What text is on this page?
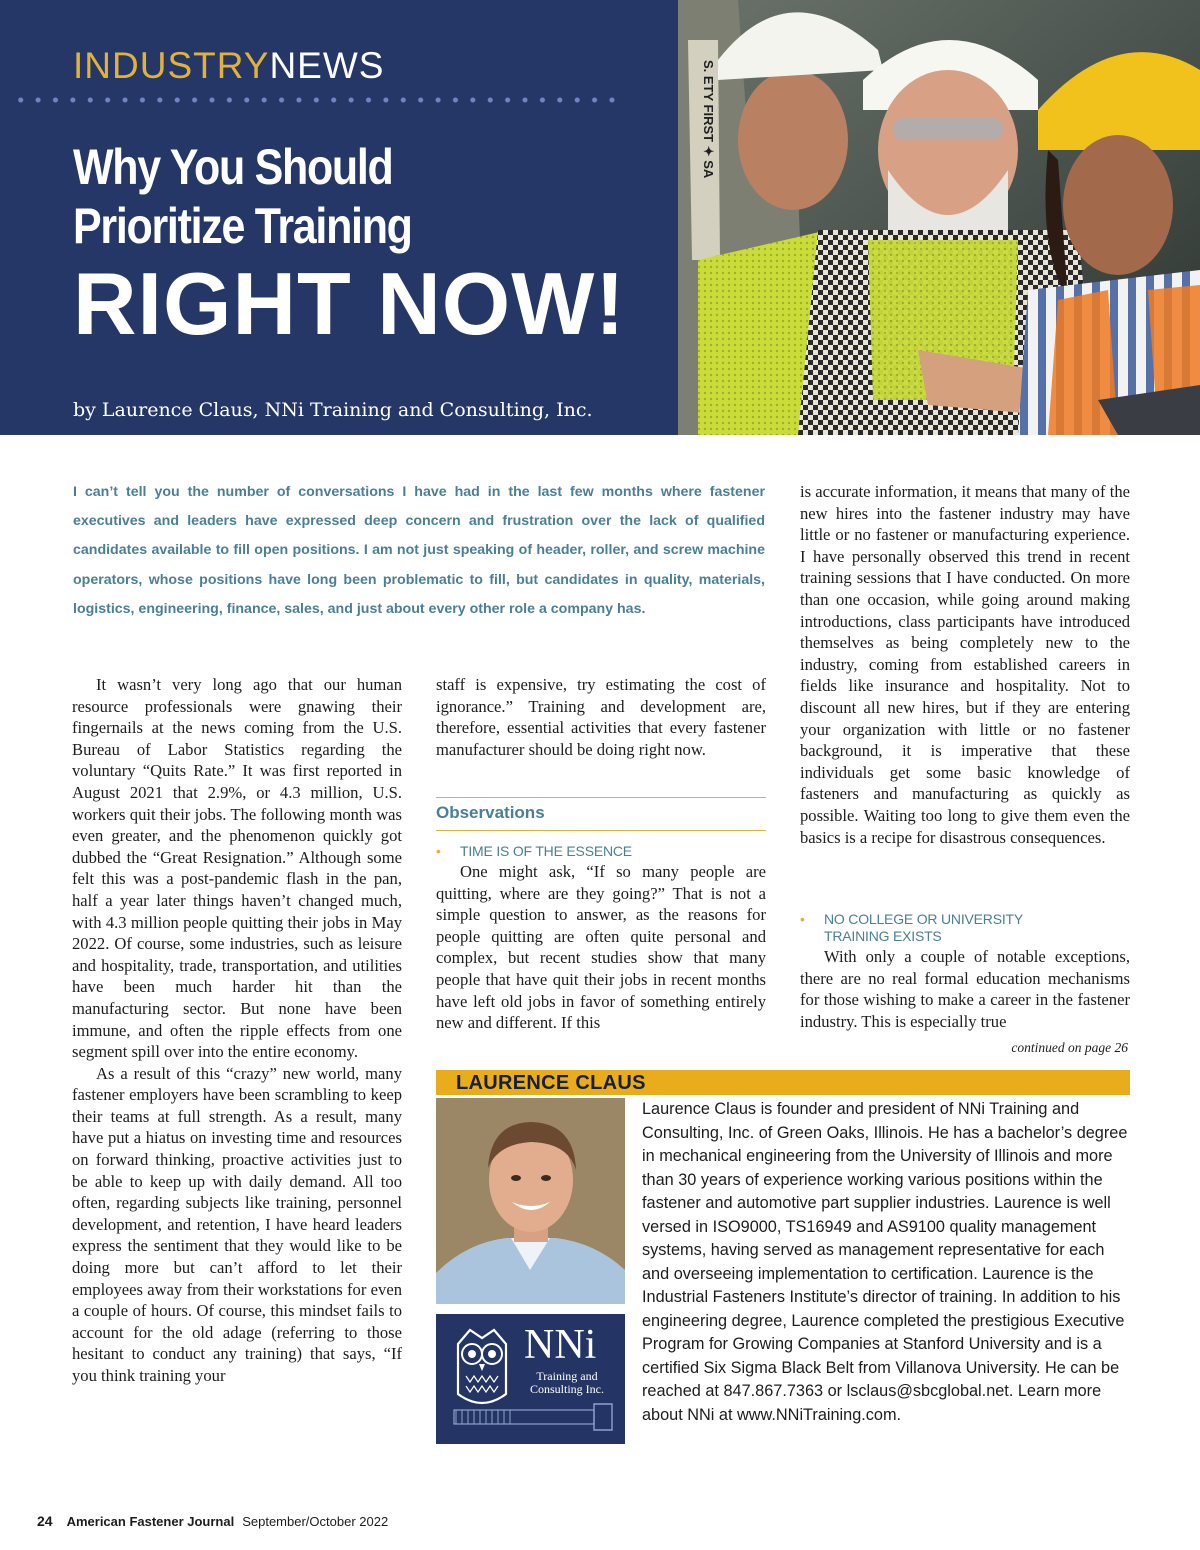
INDUSTRYNEWS
Why You Should
Prioritize Training
RIGHT NOW!
by Laurence Claus, NNi Training and Consulting, Inc.
S. ETY FIRST ✦ SA
I can’t tell you the number of conversations I have had in the last few months where fastener executives and leaders have expressed deep concern and frustration over the lack of qualified candidates available to fill open positions. I am not just speaking of header, roller, and screw machine operators, whose positions have long been problematic to fill, but candidates in quality, materials, logistics, engineering, finance, sales, and just about every other role a company has.

It wasn’t very long ago that our human resource professionals were gnawing their fingernails at the news coming from the U.S. Bureau of Labor Statistics regarding the voluntary “Quits Rate.” It was first reported in August 2021 that 2.9%, or 4.3 million, U.S. workers quit their jobs. The following month was even greater, and the phenomenon quickly got dubbed the “Great Resignation.” Although some felt this was a post-pandemic flash in the pan, half a year later things haven’t changed much, with 4.3 million people quitting their jobs in May 2022. Of course, some industries, such as leisure and hospitality, trade, transportation, and utilities have been much harder hit than the manufacturing sector. But none have been immune, and often the ripple effects from one segment spill over into the entire economy.

As a result of this “crazy” new world, many fastener employers have been scrambling to keep their teams at full strength. As a result, many have put a hiatus on investing time and resources on forward thinking, proactive activities just to be able to keep up with daily demand. All too often, regarding subjects like training, personnel development, and retention, I have heard leaders express the sentiment that they would like to be doing more but can’t afford to let their employees away from their workstations for even a couple of hours. Of course, this mindset fails to account for the old adage (referring to those hesitant to conduct any training) that says, “If you think training your

staff is expensive, try estimating the cost of ignorance.” Training and development are, therefore, essential activities that every fastener manufacturer should be doing right now.

Observations
• TIME IS OF THE ESSENCE

One might ask, “If so many people are quitting, where are they going?” That is not a simple question to answer, as the reasons for people quitting are often quite personal and complex, but recent studies show that many people that have quit their jobs in recent months have left old jobs in favor of something entirely new and different. If this

is accurate information, it means that many of the new hires into the fastener industry may have little or no fastener or manufacturing experience. I have personally observed this trend in recent training sessions that I have conducted. On more than one occasion, while going around making introductions, class participants have introduced themselves as being completely new to the industry, coming from established careers in fields like insurance and hospitality. Not to discount all new hires, but if they are entering your organization with little or no fastener background, it is imperative that these individuals get some basic knowledge of fasteners and manufacturing as quickly as possible. Waiting too long to give them even the basics is a recipe for disastrous consequences.

• NO COLLEGE OR UNIVERSITY
TRAINING EXISTS

With only a couple of notable exceptions, there are no real formal education mechanisms for those wishing to make a career in the fastener industry. This is especially true

continued on page 26
LAURENCE CLAUS
NNi
Training and
Consulting Inc.
Laurence Claus is founder and president of NNi Training and Consulting, Inc. of Green Oaks, Illinois. He has a bachelor’s degree in mechanical engineering from the University of Illinois and more than 30 years of experience working various positions within the fastener and automotive part supplier industries. Laurence is well versed in ISO9000, TS16949 and AS9100 quality management systems, having served as management representative for each and overseeing implementation to certification. Laurence is the Industrial Fasteners Institute’s director of training. In addition to his engineering degree, Laurence completed the prestigious Executive Program for Growing Companies at Stanford University and is a certified Six Sigma Black Belt from Villanova University. He can be reached at 847.867.7363 or lsclaus@sbcglobal.net. Learn more about NNi at www.NNiTraining.com.
24 American Fastener Journal September/October 2022
